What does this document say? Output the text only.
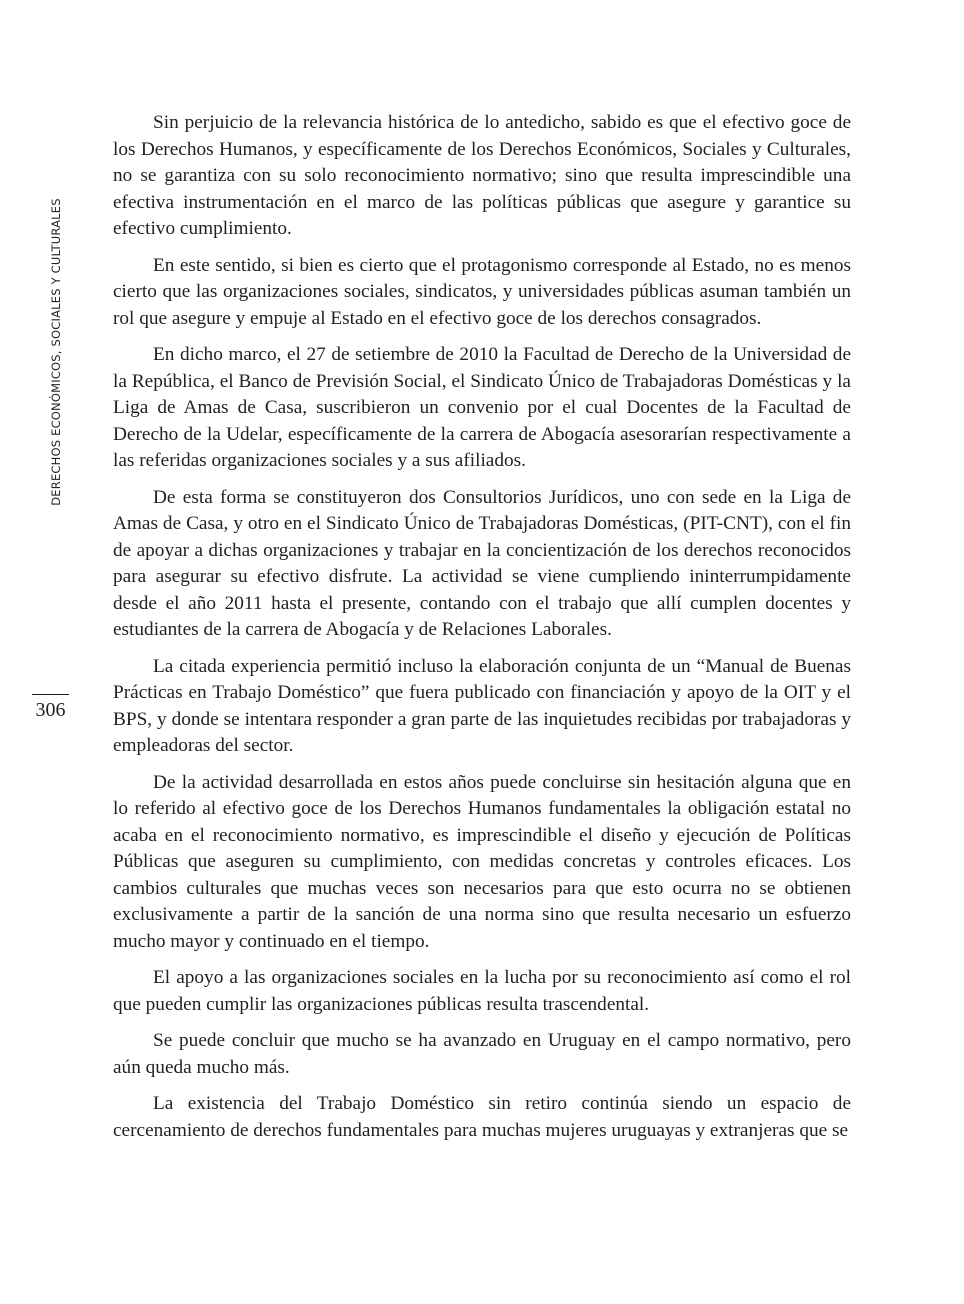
DERECHOS ECONÓMICOS, SOCIALES Y CULTURALES
306

Sin perjuicio de la relevancia histórica de lo antedicho, sabido es que el efectivo goce de los Derechos Humanos, y específicamente de los Derechos Económicos, Sociales y Culturales, no se garantiza con su solo reconocimiento normativo; sino que resulta imprescindible una efectiva instrumentación en el marco de las políticas públicas que asegure y garantice su efectivo cumplimiento.

En este sentido, si bien es cierto que el protagonismo corresponde al Estado, no es menos cierto que las organizaciones sociales, sindicatos, y universidades públicas asuman también un rol que asegure y empuje al Estado en el efectivo goce de los derechos consagrados.

En dicho marco, el 27 de setiembre de 2010 la Facultad de Derecho de la Universidad de la República, el Banco de Previsión Social, el Sindicato Único de Trabajadoras Domésticas y la Liga de Amas de Casa, suscribieron un convenio por el cual Docentes de la Facultad de Derecho de la Udelar, específicamente de la carrera de Abogacía asesorarían respectivamente a las referidas organizaciones sociales y a sus afiliados.

De esta forma se constituyeron dos Consultorios Jurídicos, uno con sede en la Liga de Amas de Casa, y otro en el Sindicato Único de Trabajadoras Domésticas, (PIT-CNT), con el fin de apoyar a dichas organizaciones y trabajar en la concientización de los derechos reconocidos para asegurar su efectivo disfrute. La actividad se viene cumpliendo ininterrumpidamente desde el año 2011 hasta el presente, contando con el trabajo que allí cumplen docentes y estudiantes de la carrera de Abogacía y de Relaciones Laborales.

La citada experiencia permitió incluso la elaboración conjunta de un “Manual de Buenas Prácticas en Trabajo Doméstico” que fuera publicado con financiación y apoyo de la OIT y el BPS, y donde se intentara responder a gran parte de las inquietudes recibidas por trabajadoras y empleadoras del sector.

De la actividad desarrollada en estos años puede concluirse sin hesitación alguna que en lo referido al efectivo goce de los Derechos Humanos fundamentales la obligación estatal no acaba en el reconocimiento normativo, es imprescindible el diseño y ejecución de Políticas Públicas que aseguren su cumplimiento, con medidas concretas y controles eficaces. Los cambios culturales que muchas veces son necesarios para que esto ocurra no se obtienen exclusivamente a partir de la sanción de una norma sino que resulta necesario un esfuerzo mucho mayor y continuado en el tiempo.

El apoyo a las organizaciones sociales en la lucha por su reconocimiento así como el rol que pueden cumplir las organizaciones públicas resulta trascendental.

Se puede concluir que mucho se ha avanzado en Uruguay en el campo normativo, pero aún queda mucho más.

La existencia del Trabajo Doméstico sin retiro continúa siendo un espacio de cercenamiento de derechos fundamentales para muchas mujeres uruguayas y extranjeras que se
